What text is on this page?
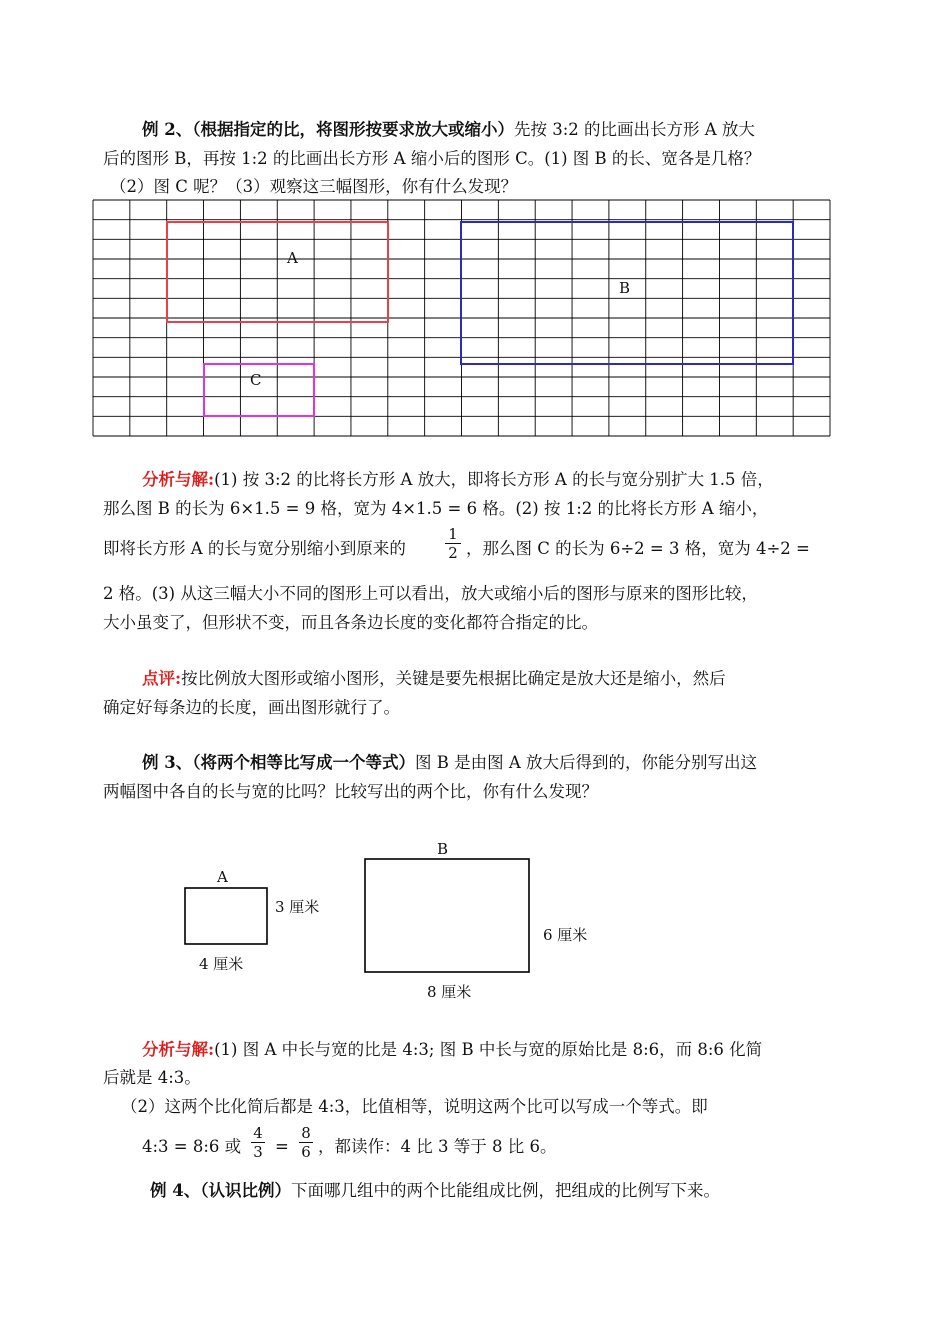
例 2、（根据指定的比，将图形按要求放大或缩小）先按 3:2 的比画出长方形 A 放大
后的图形 B，再按 1:2 的比画出长方形 A 缩小后的图形 C。(1) 图 B 的长、宽各是几格？
（2）图 C 呢？（3）观察这三幅图形，你有什么发现？
A
B
C
分析与解:(1) 按 3:2 的比将长方形 A 放大，即将长方形 A 的长与宽分别扩大 1.5 倍，
那么图 B 的长为 6×1.5 = 9 格，宽为 4×1.5 = 6 格。(2) 按 1:2 的比将长方形 A 缩小，
即将长方形 A 的长与宽分别缩小到原来的	$\frac{1}{2}$ ，那么图 C 的长为 6÷2 = 3 格，宽为 4÷2 =
2 格。(3) 从这三幅大小不同的图形上可以看出，放大或缩小后的图形与原来的图形比较，
大小虽变了，但形状不变，而且各条边长度的变化都符合指定的比。
点评:按比例放大图形或缩小图形，关键是要先根据比确定是放大还是缩小，然后
确定好每条边的长度，画出图形就行了。
例 3、（将两个相等比写成一个等式）图 B 是由图 A 放大后得到的，你能分别写出这
两幅图中各自的长与宽的比吗？比较写出的两个比，你有什么发现？
A
3 厘米
4 厘米
B
6 厘米
8 厘米
分析与解:(1) 图 A 中长与宽的比是 4:3; 图 B 中长与宽的原始比是 8:6，而 8:6 化简
后就是 4:3。
（2）这两个比化简后都是 4:3，比值相等，说明这两个比可以写成一个等式。即
4:3 = 8:6 或 $\frac{4}{3} = \frac{8}{6}$ ，都读作：4 比 3 等于 8 比 6。
例 4、（认识比例）下面哪几组中的两个比能组成比例，把组成的比例写下来。
